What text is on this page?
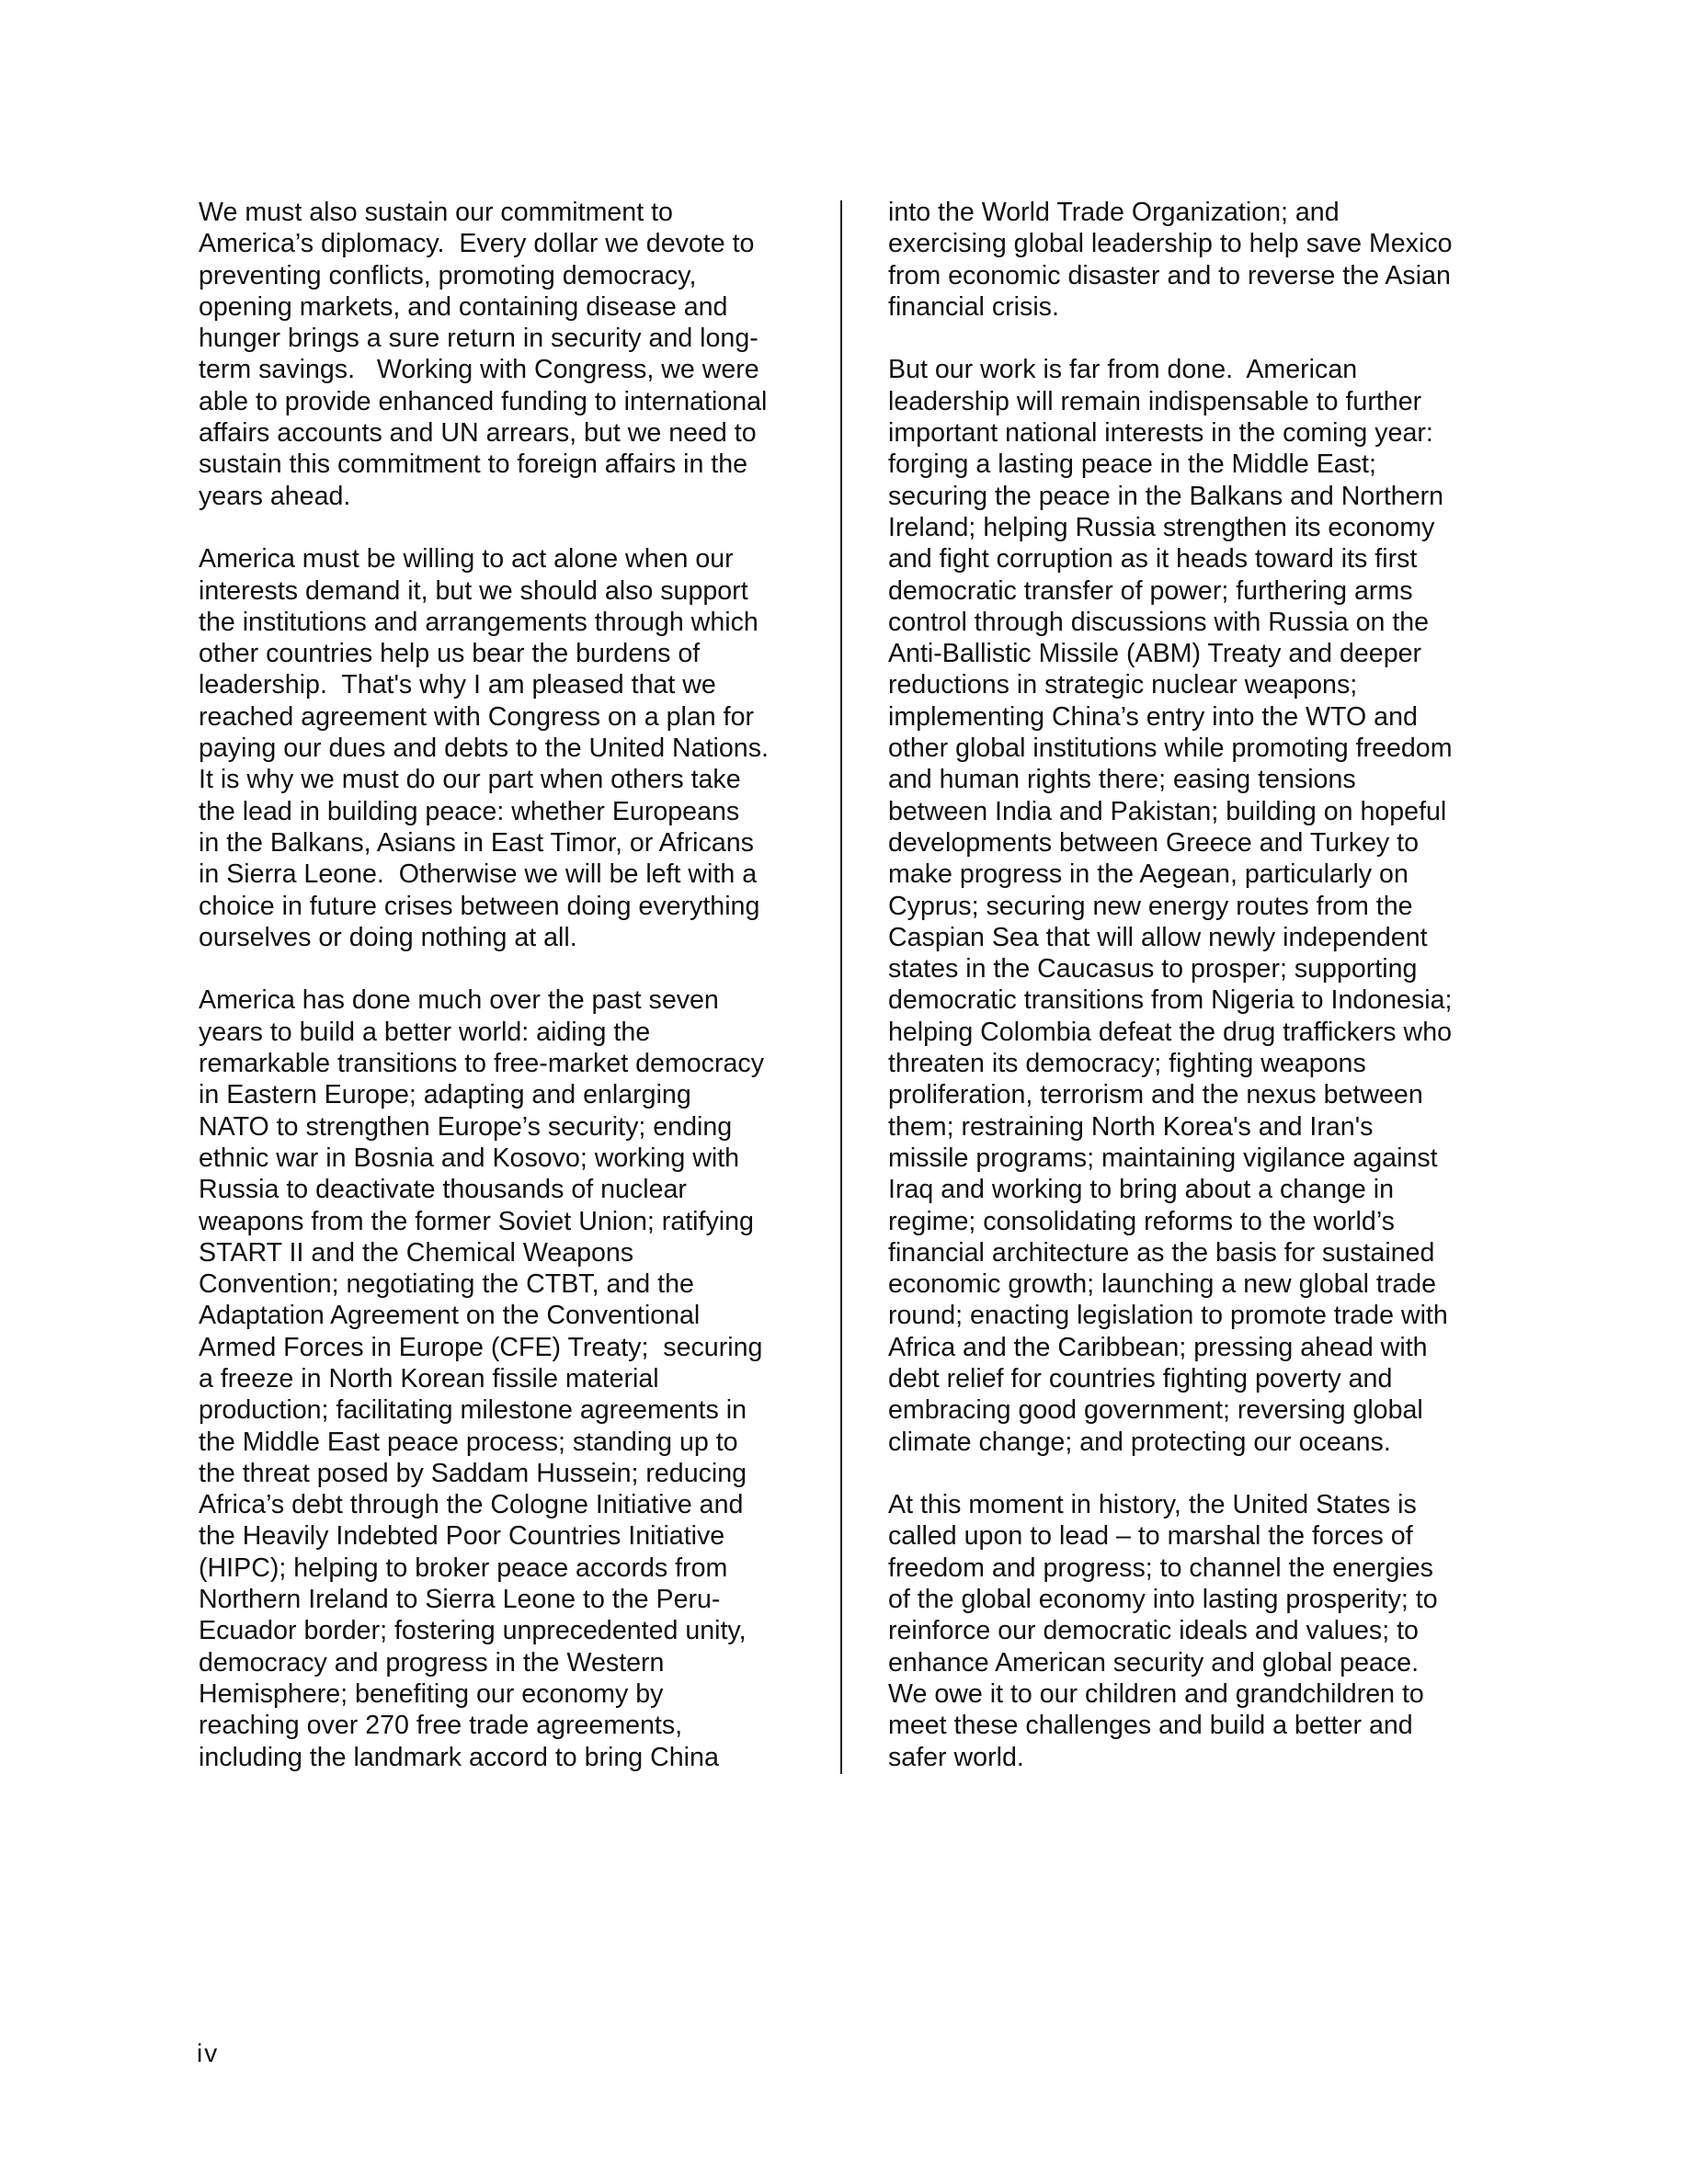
We must also sustain our commitment to
America’s diplomacy.  Every dollar we devote to
preventing conflicts, promoting democracy,
opening markets, and containing disease and
hunger brings a sure return in security and long-
term savings.   Working with Congress, we were
able to provide enhanced funding to international
affairs accounts and UN arrears, but we need to
sustain this commitment to foreign affairs in the
years ahead.
America must be willing to act alone when our
interests demand it, but we should also support
the institutions and arrangements through which
other countries help us bear the burdens of
leadership.  That's why I am pleased that we
reached agreement with Congress on a plan for
paying our dues and debts to the United Nations.
It is why we must do our part when others take
the lead in building peace: whether Europeans
in the Balkans, Asians in East Timor, or Africans
in Sierra Leone.  Otherwise we will be left with a
choice in future crises between doing everything
ourselves or doing nothing at all.
America has done much over the past seven
years to build a better world: aiding the
remarkable transitions to free-market democracy
in Eastern Europe; adapting and enlarging
NATO to strengthen Europe’s security; ending
ethnic war in Bosnia and Kosovo; working with
Russia to deactivate thousands of nuclear
weapons from the former Soviet Union; ratifying
START II and the Chemical Weapons
Convention; negotiating the CTBT, and the
Adaptation Agreement on the Conventional
Armed Forces in Europe (CFE) Treaty;  securing
a freeze in North Korean fissile material
production; facilitating milestone agreements in
the Middle East peace process; standing up to
the threat posed by Saddam Hussein; reducing
Africa’s debt through the Cologne Initiative and
the Heavily Indebted Poor Countries Initiative
(HIPC); helping to broker peace accords from
Northern Ireland to Sierra Leone to the Peru-
Ecuador border; fostering unprecedented unity,
democracy and progress in the Western
Hemisphere; benefiting our economy by
reaching over 270 free trade agreements,
including the landmark accord to bring China
into the World Trade Organization; and
exercising global leadership to help save Mexico
from economic disaster and to reverse the Asian
financial crisis.
But our work is far from done.  American
leadership will remain indispensable to further
important national interests in the coming year:
forging a lasting peace in the Middle East;
securing the peace in the Balkans and Northern
Ireland; helping Russia strengthen its economy
and fight corruption as it heads toward its first
democratic transfer of power; furthering arms
control through discussions with Russia on the
Anti-Ballistic Missile (ABM) Treaty and deeper
reductions in strategic nuclear weapons;
implementing China’s entry into the WTO and
other global institutions while promoting freedom
and human rights there; easing tensions
between India and Pakistan; building on hopeful
developments between Greece and Turkey to
make progress in the Aegean, particularly on
Cyprus; securing new energy routes from the
Caspian Sea that will allow newly independent
states in the Caucasus to prosper; supporting
democratic transitions from Nigeria to Indonesia;
helping Colombia defeat the drug traffickers who
threaten its democracy; fighting weapons
proliferation, terrorism and the nexus between
them; restraining North Korea's and Iran's
missile programs; maintaining vigilance against
Iraq and working to bring about a change in
regime; consolidating reforms to the world’s
financial architecture as the basis for sustained
economic growth; launching a new global trade
round; enacting legislation to promote trade with
Africa and the Caribbean; pressing ahead with
debt relief for countries fighting poverty and
embracing good government; reversing global
climate change; and protecting our oceans.
At this moment in history, the United States is
called upon to lead – to marshal the forces of
freedom and progress; to channel the energies
of the global economy into lasting prosperity; to
reinforce our democratic ideals and values; to
enhance American security and global peace.
We owe it to our children and grandchildren to
meet these challenges and build a better and
safer world.
iv
